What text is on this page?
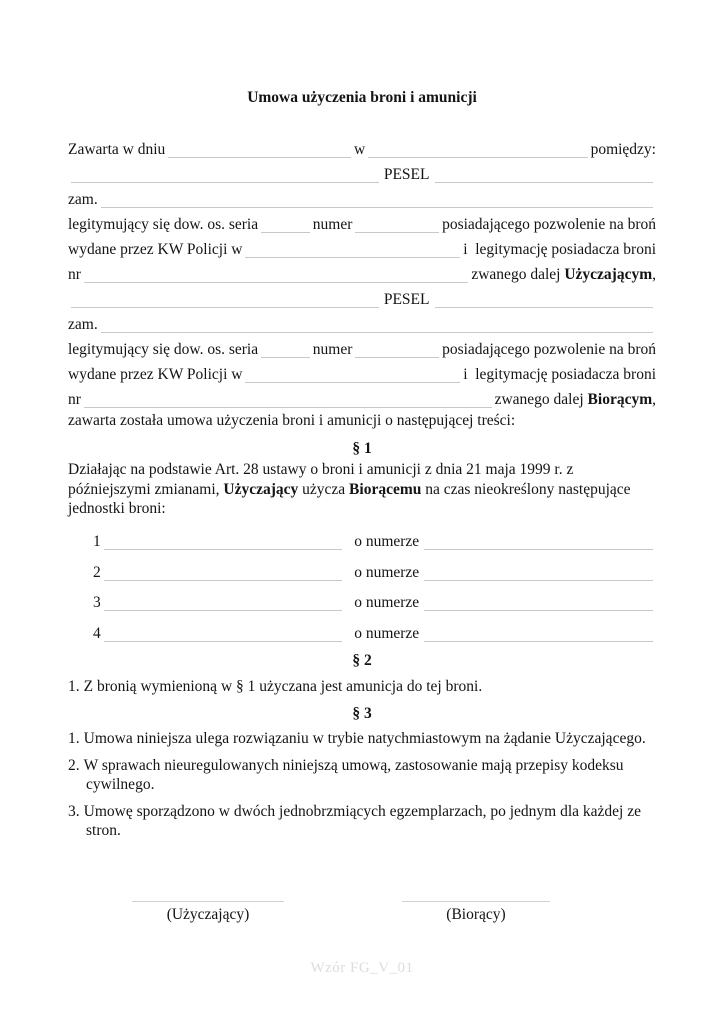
Umowa użyczenia broni i amunicji
Zawarta w dniu	w	pomiędzy:
PESEL
zam.
legitymujący się dow. os. seria	numer	posiadającego pozwolenie na broń
wydane przez KW Policji w	i  legitymację posiadacza broni
nr	zwanego dalej Użyczającym,
PESEL
zam.
legitymujący się dow. os. seria	numer	posiadającego pozwolenie na broń
wydane przez KW Policji w	i  legitymację posiadacza broni
nr	zwanego dalej Biorącym,
zawarta została umowa użyczenia broni i amunicji o następującej treści:
§ 1
Działając na podstawie Art. 28 ustawy o broni i amunicji z dnia 21 maja 1999 r. z późniejszymi zmianami, Użyczający użycza Biorącemu na czas nieokreślony następujące jednostki broni:
1	o numerze
2	o numerze
3	o numerze
4	o numerze
§ 2
1. Z bronią wymienioną w § 1 użyczana jest amunicja do tej broni.
§ 3
1. Umowa niniejsza ulega rozwiązaniu w trybie natychmiastowym na żądanie Użyczającego.
2. W sprawach nieuregulowanych niniejszą umową, zastosowanie mają przepisy kodeksu cywilnego.
3. Umowę sporządzono w dwóch jednobrzmiących egzemplarzach, po jednym dla każdej ze stron.
(Użyczający)	(Biorący)
Wzór FG_V_01
